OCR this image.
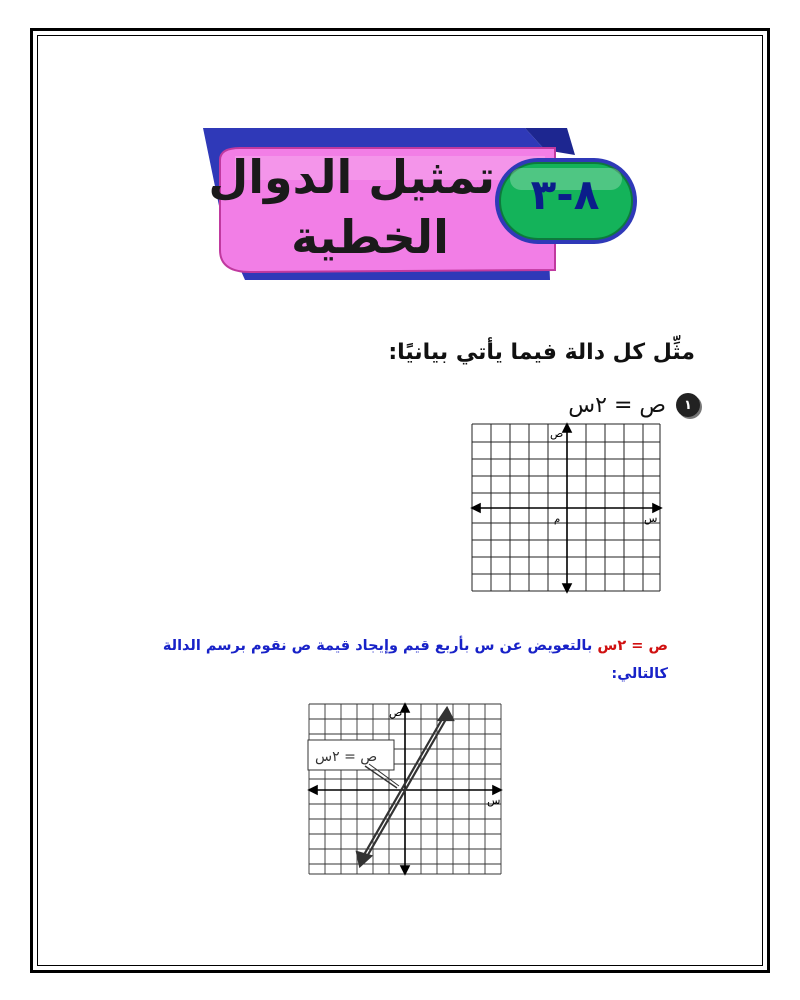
تمثيل الدوال
الخطية
٨-٣
مثِّل كل دالة فيما يأتي بيانيًا:
١
ص = ٢س
ص
س
م
ص = ٢س بالتعويض عن س بأربع قيم وإيجاد قيمة ص نقوم برسم الدالة كالتالي:
ص = ٢س
ص
س
